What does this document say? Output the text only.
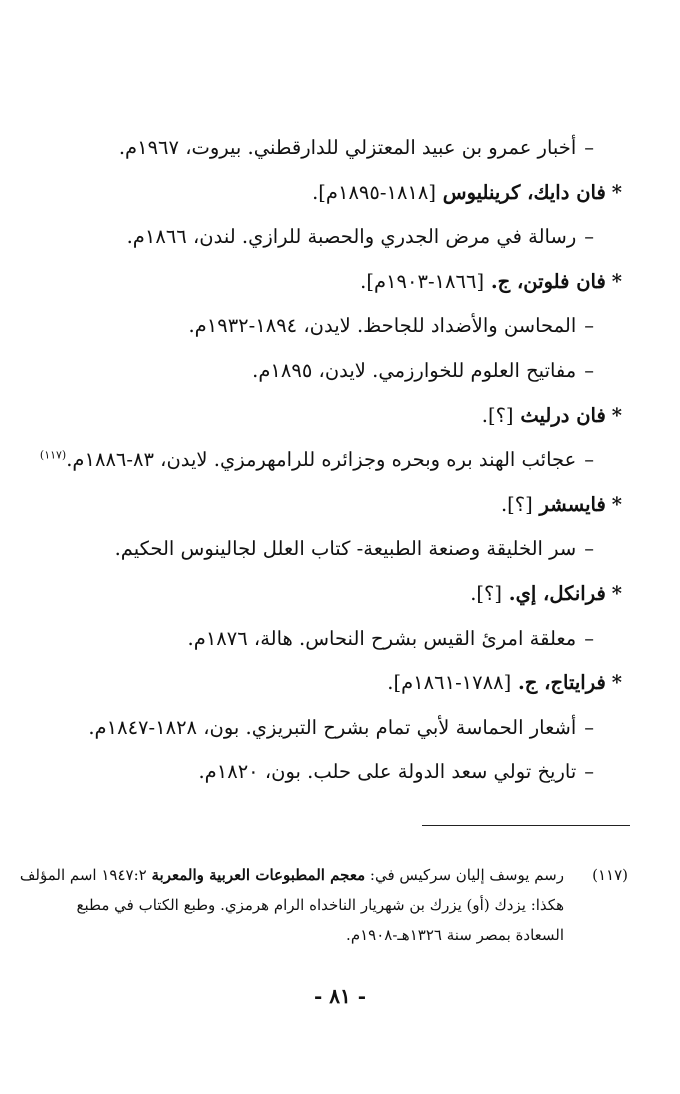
–أخبار عمرو بن عبيد المعتزلي للدارقطني. بيروت، ١٩٦٧م.
*فان دايك، كرينليوس [١٨١٨-١٨٩٥م].
–رسالة في مرض الجدري والحصبة للرازي. لندن، ١٨٦٦م.
*فان فلوتن، ج. [١٨٦٦-١٩٠٣م].
–المحاسن والأضداد للجاحظ. لايدن، ١٨٩٤-١٩٣٢م.
–مفاتيح العلوم للخوارزمي. لايدن، ١٨٩٥م.
*فان درليث [؟].
–عجائب الهند بره وبحره وجزائره للرامهرمزي. لايدن، ٨٣-١٨٨٦م.$^{(١١٧)}$
*فايسشر [؟].
–سر الخليقة وصنعة الطبيعة- كتاب العلل لجالينوس الحكيم.
*فرانكل، إي. [؟].
–معلقة امرئ القيس بشرح النحاس. هالة، ١٨٧٦م.
*فرايتاج، ج. [١٧٨٨-١٨٦١م].
–أشعار الحماسة لأبي تمام بشرح التبريزي. بون، ١٨٢٨-١٨٤٧م.
–تاريخ تولي سعد الدولة على حلب. بون، ١٨٢٠م.
(١١٧)رسم يوسف إليان سركيس في: معجم المطبوعات العربية والمعربة ١٩٤٧:٢ اسم المؤلف
هكذا: يزدك (أو) يزرك بن شهريار الناخداه الرام هرمزي. وطبع الكتاب في مطبع
السعادة بمصر سنة ١٣٢٦هـ-١٩٠٨م.
- ٨١ -
